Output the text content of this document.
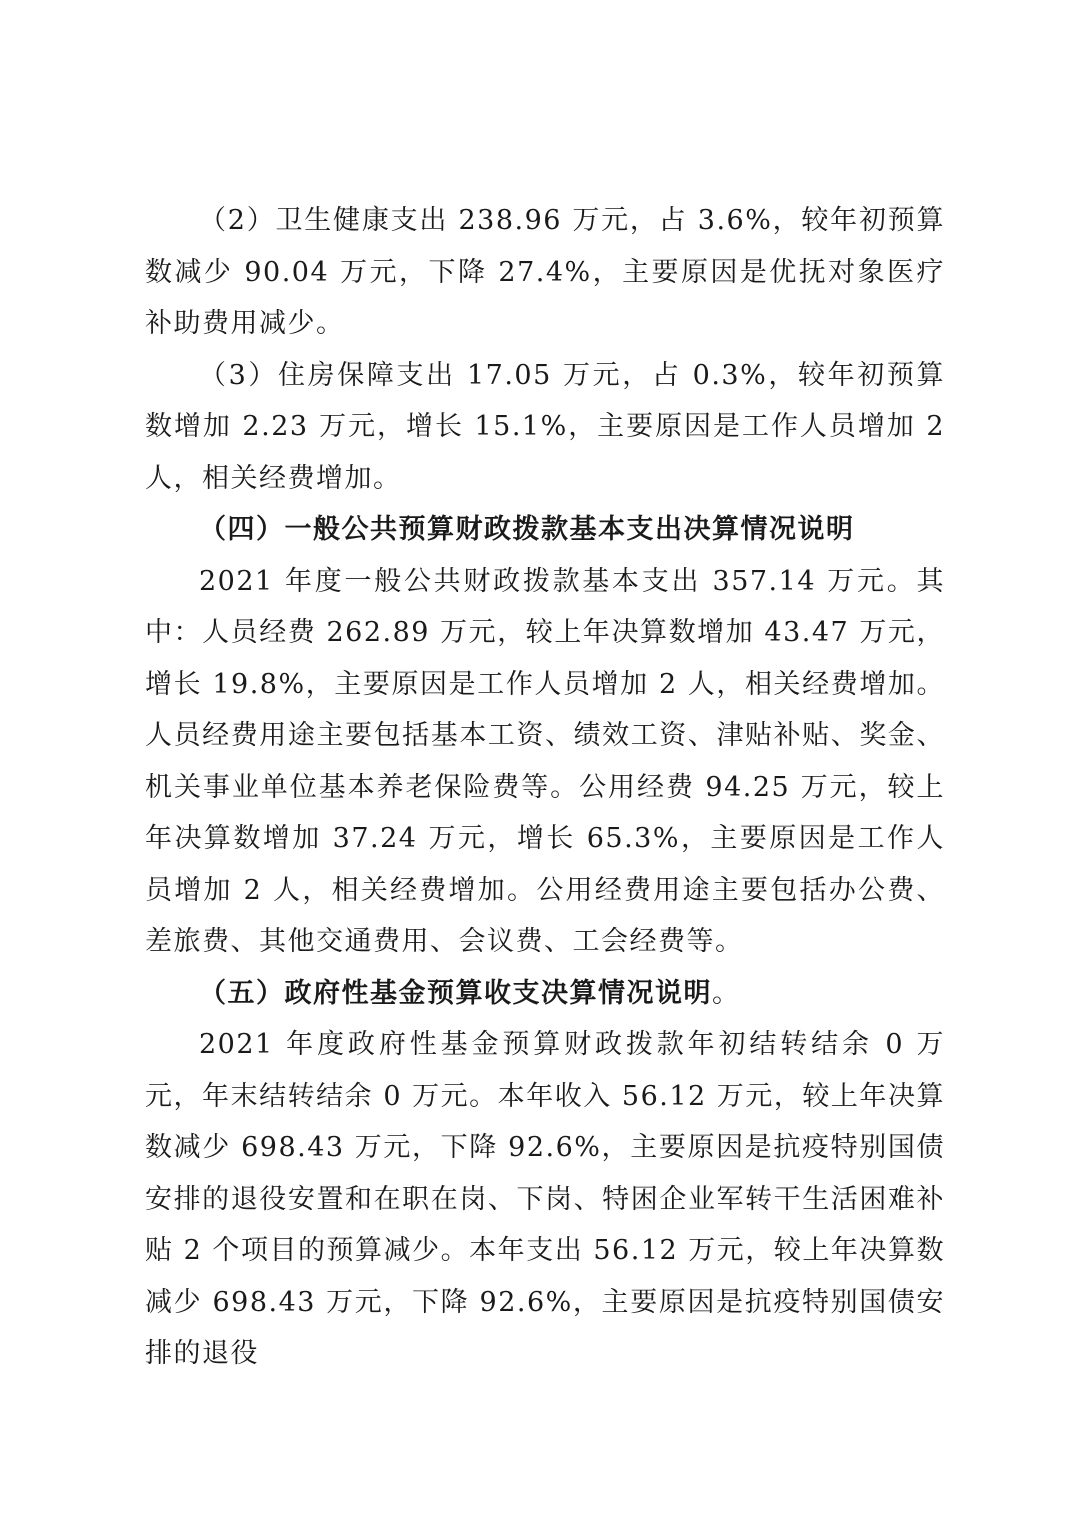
（2）卫生健康支出 238.96 万元，占 3.6%，较年初预算数减少 90.04 万元，下降 27.4%，主要原因是优抚对象医疗补助费用减少。

（3）住房保障支出 17.05 万元，占 0.3%，较年初预算数增加 2.23 万元，增长 15.1%，主要原因是工作人员增加 2 人，相关经费增加。

（四）一般公共预算财政拨款基本支出决算情况说明

2021 年度一般公共财政拨款基本支出 357.14 万元。其中：人员经费 262.89 万元，较上年决算数增加 43.47 万元，增长 19.8%，主要原因是工作人员增加 2 人，相关经费增加。人员经费用途主要包括基本工资、绩效工资、津贴补贴、奖金、机关事业单位基本养老保险费等。公用经费 94.25 万元，较上年决算数增加 37.24 万元，增长 65.3%，主要原因是工作人员增加 2 人，相关经费增加。公用经费用途主要包括办公费、差旅费、其他交通费用、会议费、工会经费等。

（五）政府性基金预算收支决算情况说明。

2021 年度政府性基金预算财政拨款年初结转结余 0 万元，年末结转结余 0 万元。本年收入 56.12 万元，较上年决算数减少 698.43 万元，下降 92.6%，主要原因是抗疫特别国债安排的退役安置和在职在岗、下岗、特困企业军转干生活困难补贴 2 个项目的预算减少。本年支出 56.12 万元，较上年决算数减少 698.43 万元，下降 92.6%，主要原因是抗疫特别国债安排的退役
